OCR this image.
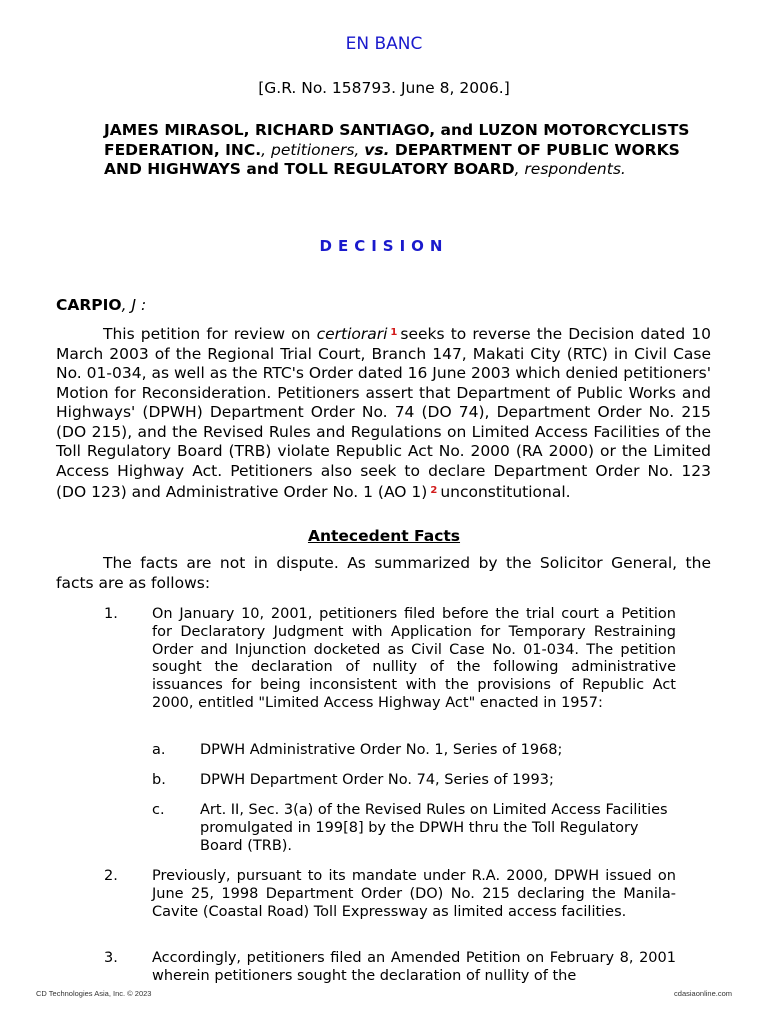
EN BANC
[G.R. No. 158793. June 8, 2006.]

JAMES MIRASOL, RICHARD SANTIAGO, and LUZON MOTORCYCLISTS FEDERATION, INC., petitioners, vs. DEPARTMENT OF PUBLIC WORKS AND HIGHWAYS and TOLL REGULATORY BOARD, respondents.

DECISION

CARPIO, J :

This petition for review on certiorari $^1$ seeks to reverse the Decision dated 10 March 2003 of the Regional Trial Court, Branch 147, Makati City (RTC) in Civil Case No. 01-034, as well as the RTC's Order dated 16 June 2003 which denied petitioners' Motion for Reconsideration. Petitioners assert that Department of Public Works and Highways' (DPWH) Department Order No. 74 (DO 74), Department Order No. 215 (DO 215), and the Revised Rules and Regulations on Limited Access Facilities of the Toll Regulatory Board (TRB) violate Republic Act No. 2000 (RA 2000) or the Limited Access Highway Act. Petitioners also seek to declare Department Order No. 123 (DO 123) and Administrative Order No. 1 (AO 1) $^2$ unconstitutional.

Antecedent Facts

The facts are not in dispute. As summarized by the Solicitor General, the facts are as follows:

1. On January 10, 2001, petitioners filed before the trial court a Petition for Declaratory Judgment with Application for Temporary Restraining Order and Injunction docketed as Civil Case No. 01-034. The petition sought the declaration of nullity of the following administrative issuances for being inconsistent with the provisions of Republic Act 2000, entitled "Limited Access Highway Act" enacted in 1957:
a. DPWH Administrative Order No. 1, Series of 1968;
b. DPWH Department Order No. 74, Series of 1993;
c. Art. II, Sec. 3(a) of the Revised Rules on Limited Access Facilities promulgated in 199[8] by the DPWH thru the Toll Regulatory Board (TRB).
2. Previously, pursuant to its mandate under R.A. 2000, DPWH issued on June 25, 1998 Department Order (DO) No. 215 declaring the Manila-Cavite (Coastal Road) Toll Expressway as limited access facilities.
3. Accordingly, petitioners filed an Amended Petition on February 8, 2001 wherein petitioners sought the declaration of nullity of the
CD Technologies Asia, Inc. © 2023	cdasiaonline.com
